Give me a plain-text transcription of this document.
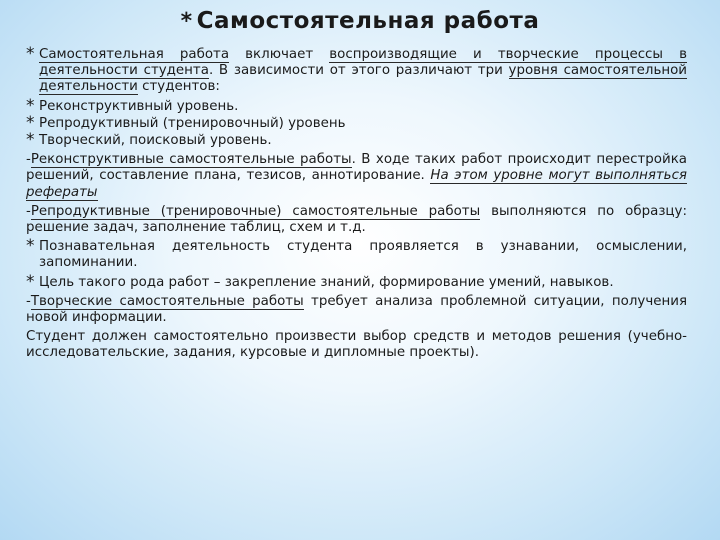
* Самостоятельная работа
* Самостоятельная работа включает воспроизводящие и творческие процессы в деятельности студента. В зависимости от этого различают три уровня самостоятельной деятельности студентов:
* Реконструктивный уровень.
* Репродуктивный (тренировочный) уровень
* Творческий, поисковый уровень.
-Реконструктивные самостоятельные работы. В ходе таких работ происходит перестройка решений, составление плана, тезисов, аннотирование. На этом уровне могут выполняться рефераты
-Репродуктивные (тренировочные) самостоятельные работы выполняются по образцу: решение задач, заполнение таблиц, схем и т.д.
* Познавательная деятельность студента проявляется в узнавании, осмыслении, запоминании.
* Цель такого рода работ – закрепление знаний, формирование умений, навыков.
-Творческие самостоятельные работы требует анализа проблемной ситуации, получения новой информации.
Студент должен самостоятельно произвести выбор средств и методов решения (учебно-исследовательские, задания, курсовые и дипломные проекты).
